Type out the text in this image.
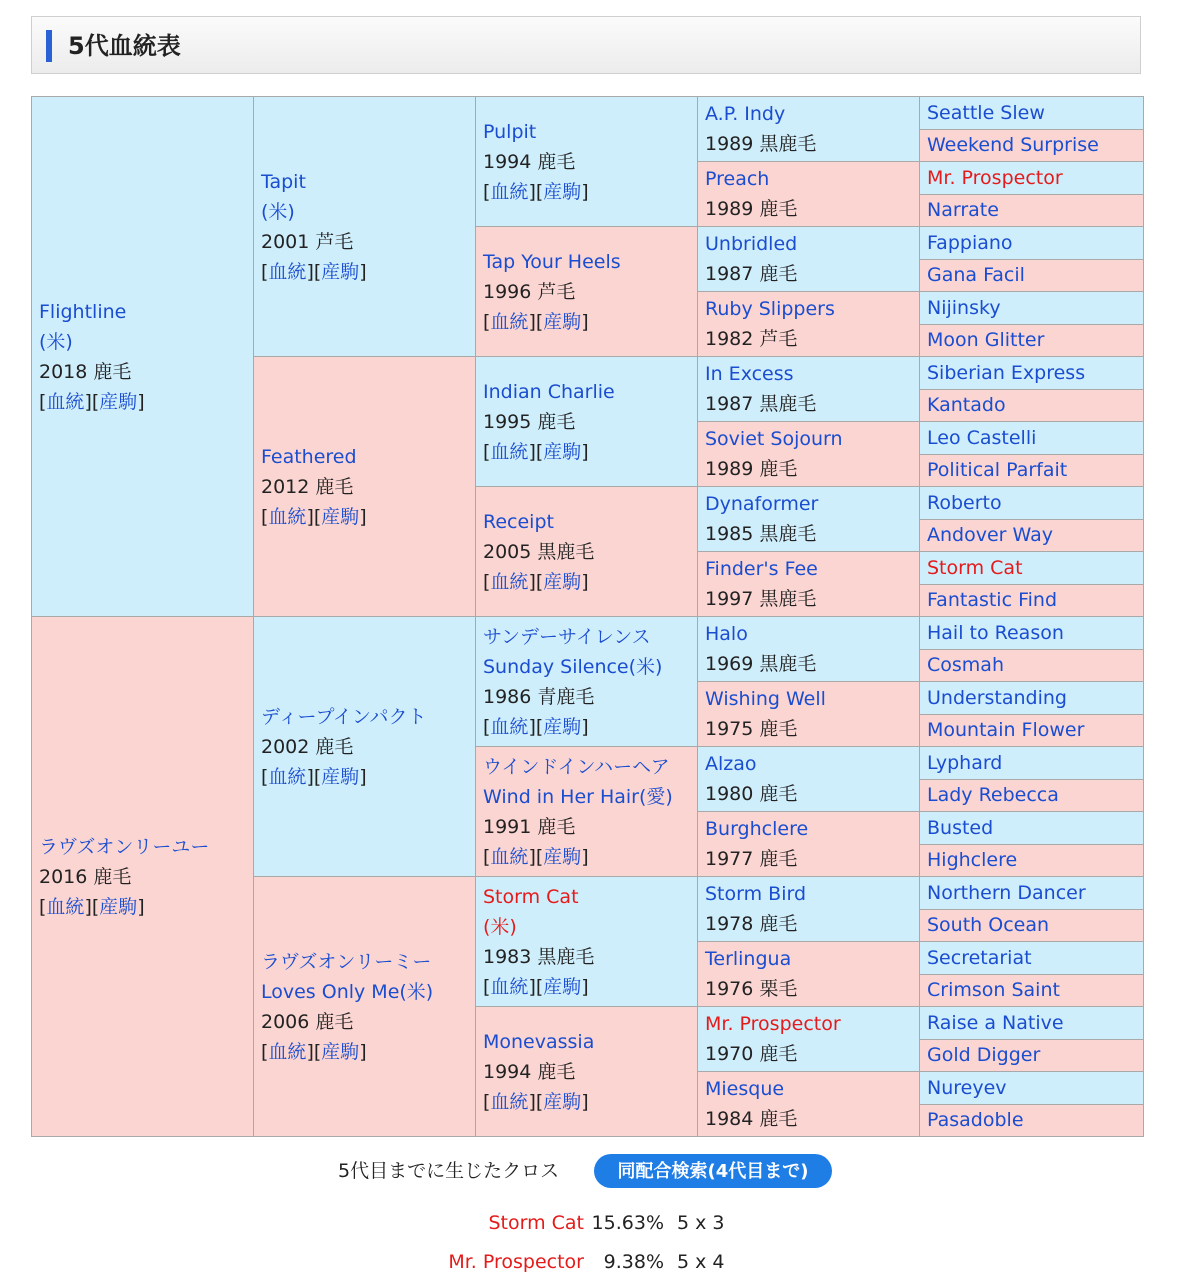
5代血統表
Flightline
(米)
2018 鹿毛
[血統][産駒]	Tapit
(米)
2001 芦毛
[血統][産駒]	Pulpit
1994 鹿毛
[血統][産駒]	A.P. Indy
1989 黒鹿毛	Seattle Slew

				Weekend Surprise

			Preach
1989 鹿毛	Mr. Prospector

				Narrate

		Tap Your Heels
1996 芦毛
[血統][産駒]	Unbridled
1987 鹿毛	Fappiano

				Gana Facil

			Ruby Slippers
1982 芦毛	Nijinsky

				Moon Glitter

	Feathered
2012 鹿毛
[血統][産駒]	Indian Charlie
1995 鹿毛
[血統][産駒]	In Excess
1987 黒鹿毛	Siberian Express

				Kantado

			Soviet Sojourn
1989 鹿毛	Leo Castelli

				Political Parfait

		Receipt
2005 黒鹿毛
[血統][産駒]	Dynaformer
1985 黒鹿毛	Roberto

				Andover Way

			Finder's Fee
1997 黒鹿毛	Storm Cat

				Fantastic Find

ラヴズオンリーユー
2016 鹿毛
[血統][産駒]	ディープインパクト
2002 鹿毛
[血統][産駒]	サンデーサイレンス
Sunday Silence(米)
1986 青鹿毛
[血統][産駒]	Halo
1969 黒鹿毛	Hail to Reason

				Cosmah

			Wishing Well
1975 鹿毛	Understanding

				Mountain Flower

		ウインドインハーヘア
Wind in Her Hair(愛)
1991 鹿毛
[血統][産駒]	Alzao
1980 鹿毛	Lyphard

				Lady Rebecca

			Burghclere
1977 鹿毛	Busted

				Highclere

	ラヴズオンリーミー
Loves Only Me(米)
2006 鹿毛
[血統][産駒]	Storm Cat
(米)
1983 黒鹿毛
[血統][産駒]	Storm Bird
1978 鹿毛	Northern Dancer

				South Ocean

			Terlingua
1976 栗毛	Secretariat

				Crimson Saint

		Monevassia
1994 鹿毛
[血統][産駒]	Mr. Prospector
1970 鹿毛	Raise a Native

				Gold Digger

			Miesque
1984 鹿毛	Nureyev

				Pasadoble
5代目までに生じたクロス	同配合検索(4代目まで)
Storm Cat 15.63% 5 x 3
Mr. Prospector 9.38% 5 x 4
